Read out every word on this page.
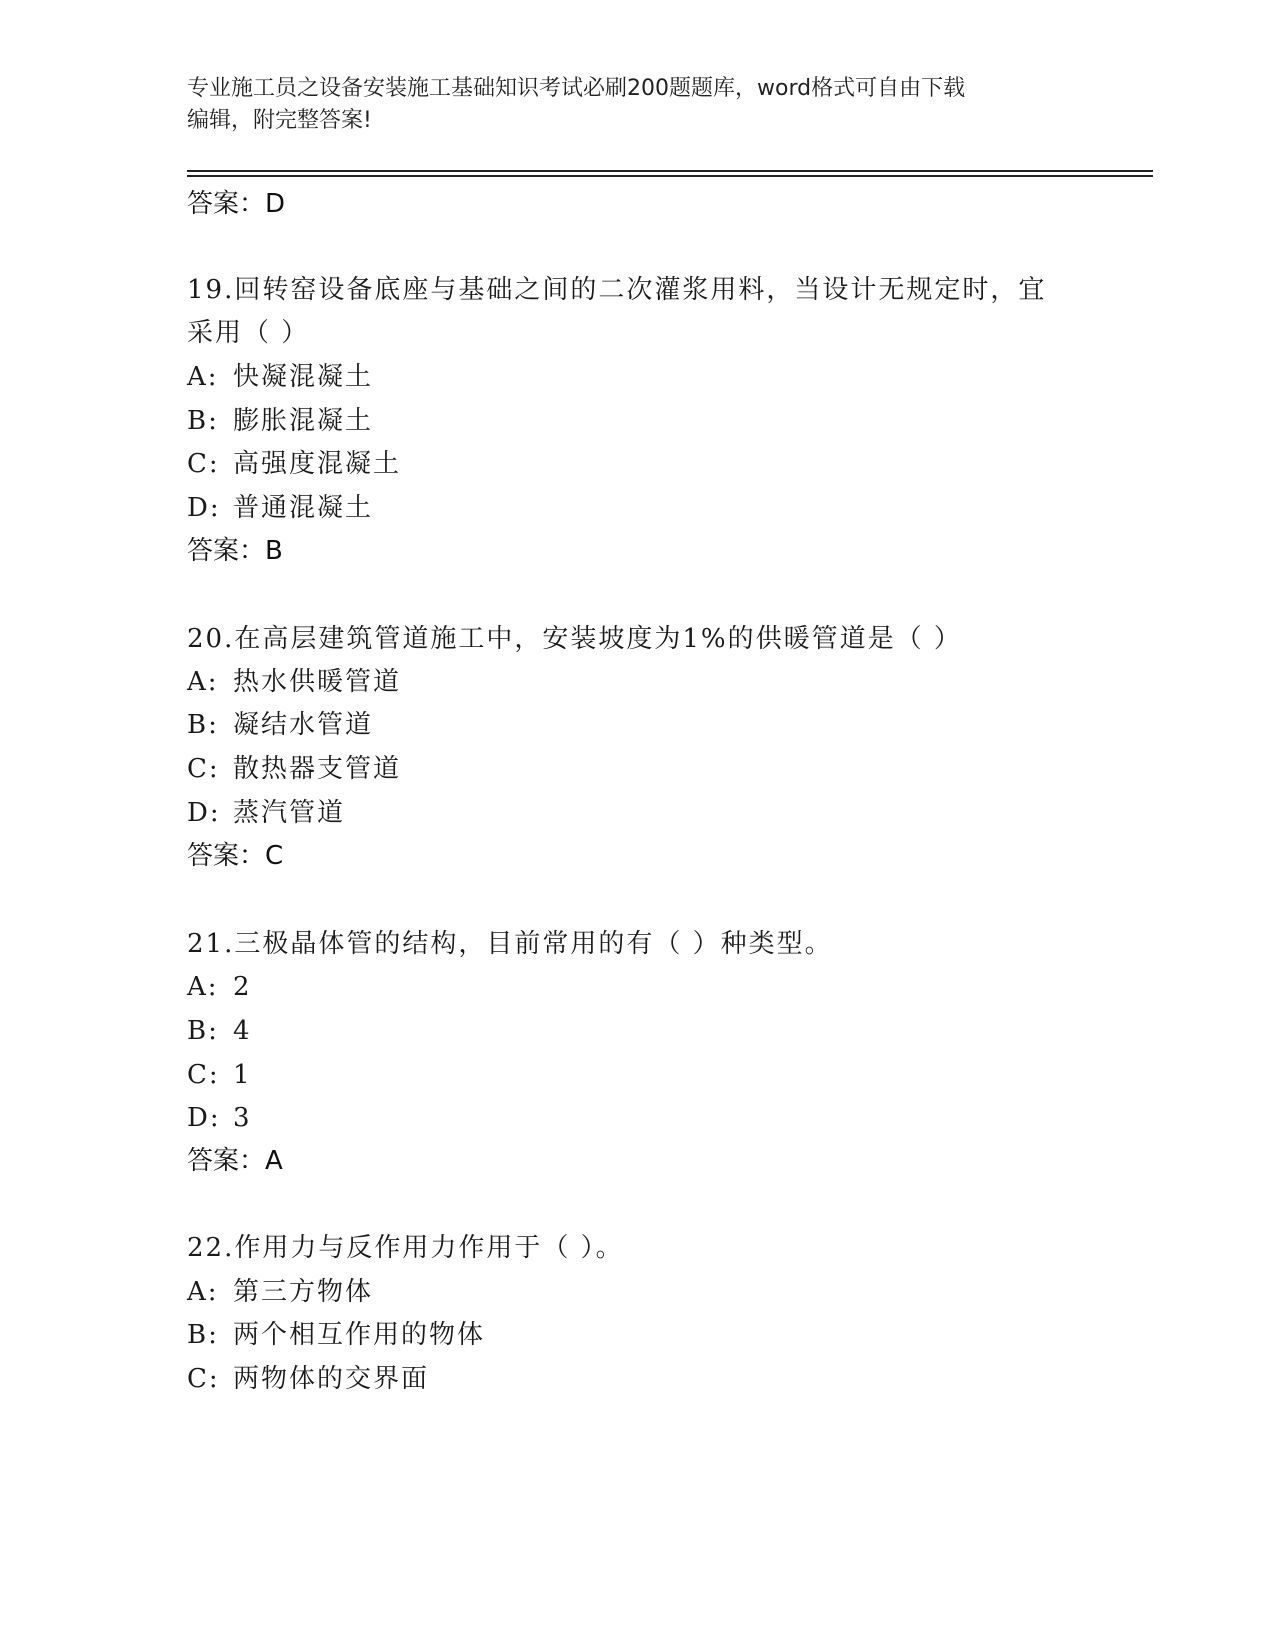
专业施工员之设备安装施工基础知识考试必刷200题题库，word格式可自由下载
编辑，附完整答案!
答案：D
19.回转窑设备底座与基础之间的二次灌浆用料，当设计无规定时，宜
采用（ ）
A: 快凝混凝土
B: 膨胀混凝土
C: 高强度混凝土
D: 普通混凝土
答案：B
20.在高层建筑管道施工中，安装坡度为1%的供暖管道是（ ）
A: 热水供暖管道
B: 凝结水管道
C: 散热器支管道
D: 蒸汽管道
答案：C
21.三极晶体管的结构，目前常用的有（ ）种类型。
A: 2
B: 4
C: 1
D: 3
答案：A
22.作用力与反作用力作用于（ ）。
A: 第三方物体
B: 两个相互作用的物体
C: 两物体的交界面
